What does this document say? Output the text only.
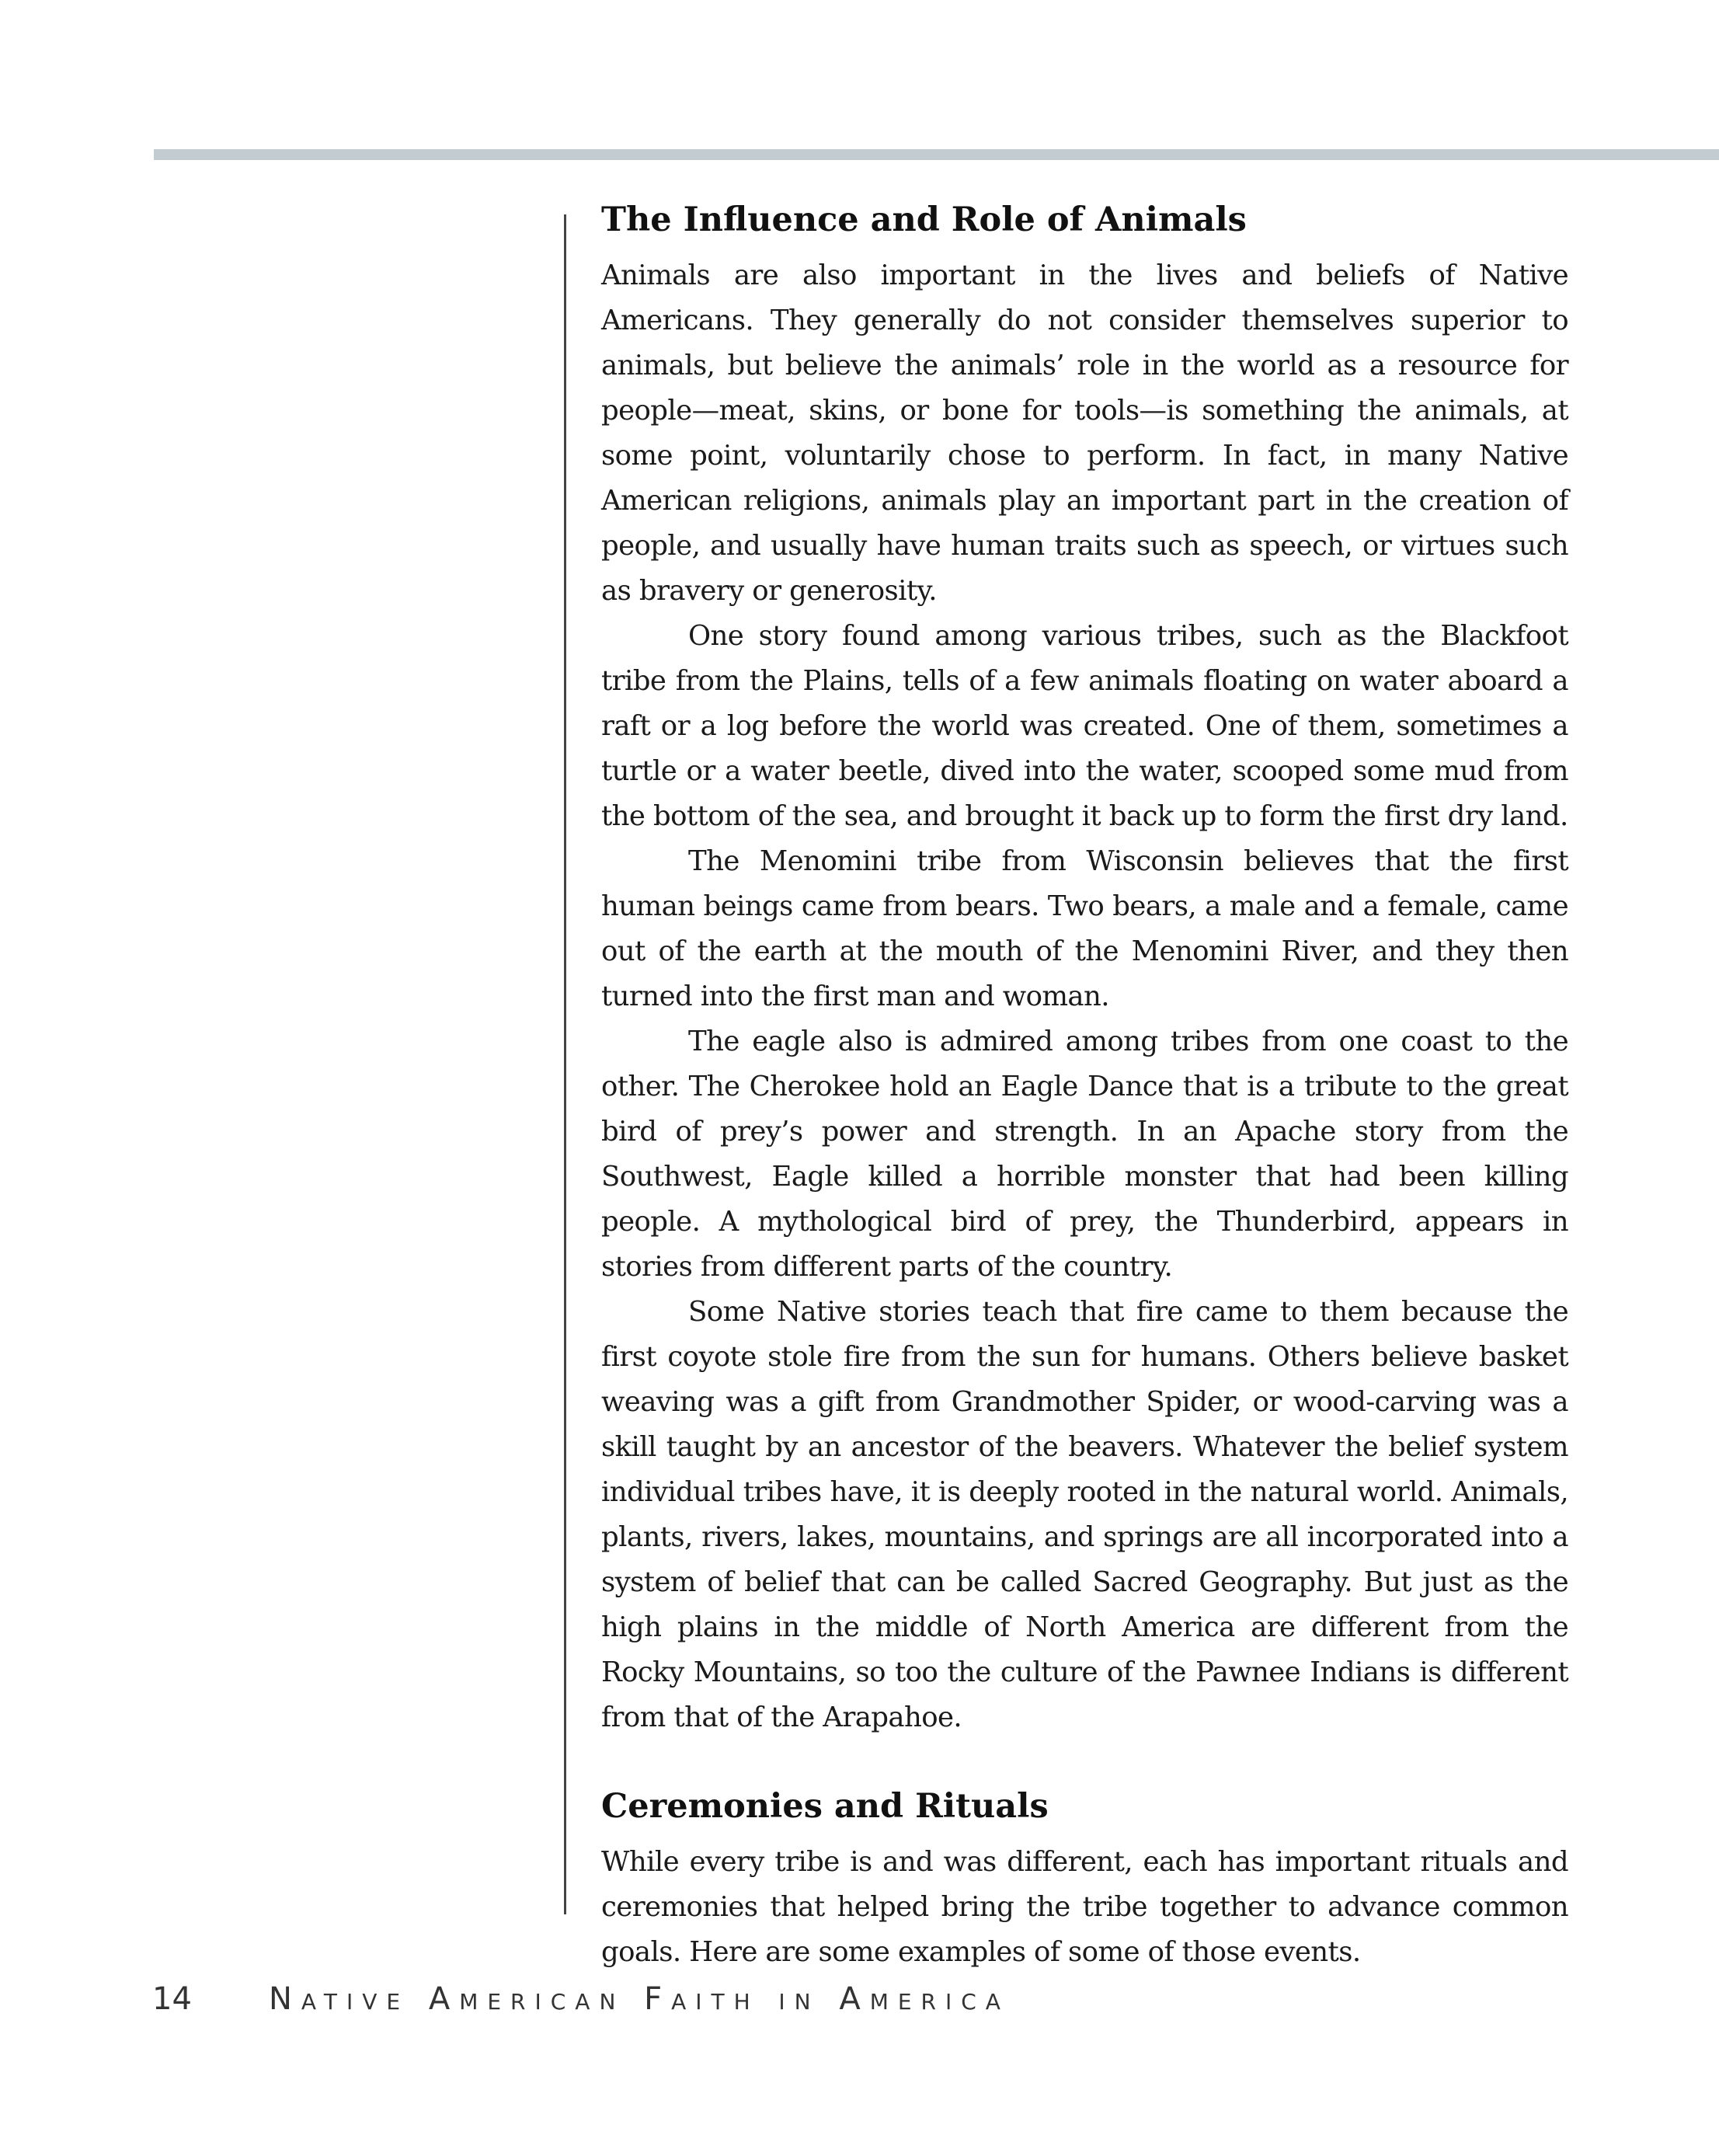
The Influence and Role of Animals

Animals are also important in the lives and beliefs of Native Americans. They generally do not consider themselves superior to animals, but believe the animals’ role in the world as a resource for people—meat, skins, or bone for tools—is something the animals, at some point, voluntarily chose to perform. In fact, in many Native American religions, animals play an important part in the creation of people, and usually have human traits such as speech, or virtues such as bravery or generosity.

One story found among various tribes, such as the Blackfoot tribe from the Plains, tells of a few animals floating on water aboard a raft or a log before the world was created. One of them, sometimes a turtle or a water beetle, dived into the water, scooped some mud from the bottom of the sea, and brought it back up to form the first dry land.

The Menomini tribe from Wisconsin believes that the first human beings came from bears. Two bears, a male and a female, came out of the earth at the mouth of the Menomini River, and they then turned into the first man and woman.

The eagle also is admired among tribes from one coast to the other. The Cherokee hold an Eagle Dance that is a tribute to the great bird of prey’s power and strength. In an Apache story from the Southwest, Eagle killed a horrible monster that had been killing people. A mythological bird of prey, the Thunderbird, appears in stories from different parts of the country.

Some Native stories teach that fire came to them because the first coyote stole fire from the sun for humans. Others believe basket weaving was a gift from Grandmother Spider, or wood-carving was a skill taught by an ancestor of the beavers. Whatever the belief system individual tribes have, it is deeply rooted in the natural world. Animals, plants, rivers, lakes, mountains, and springs are all incorporated into a system of belief that can be called Sacred Geography. But just as the high plains in the middle of North America are different from the Rocky Mountains, so too the culture of the Pawnee Indians is different from that of the Arapahoe.

Ceremonies and Rituals

While every tribe is and was different, each has important rituals and ceremonies that helped bring the tribe together to advance common goals. Here are some examples of some of those events.

14	Native American Faith in America
